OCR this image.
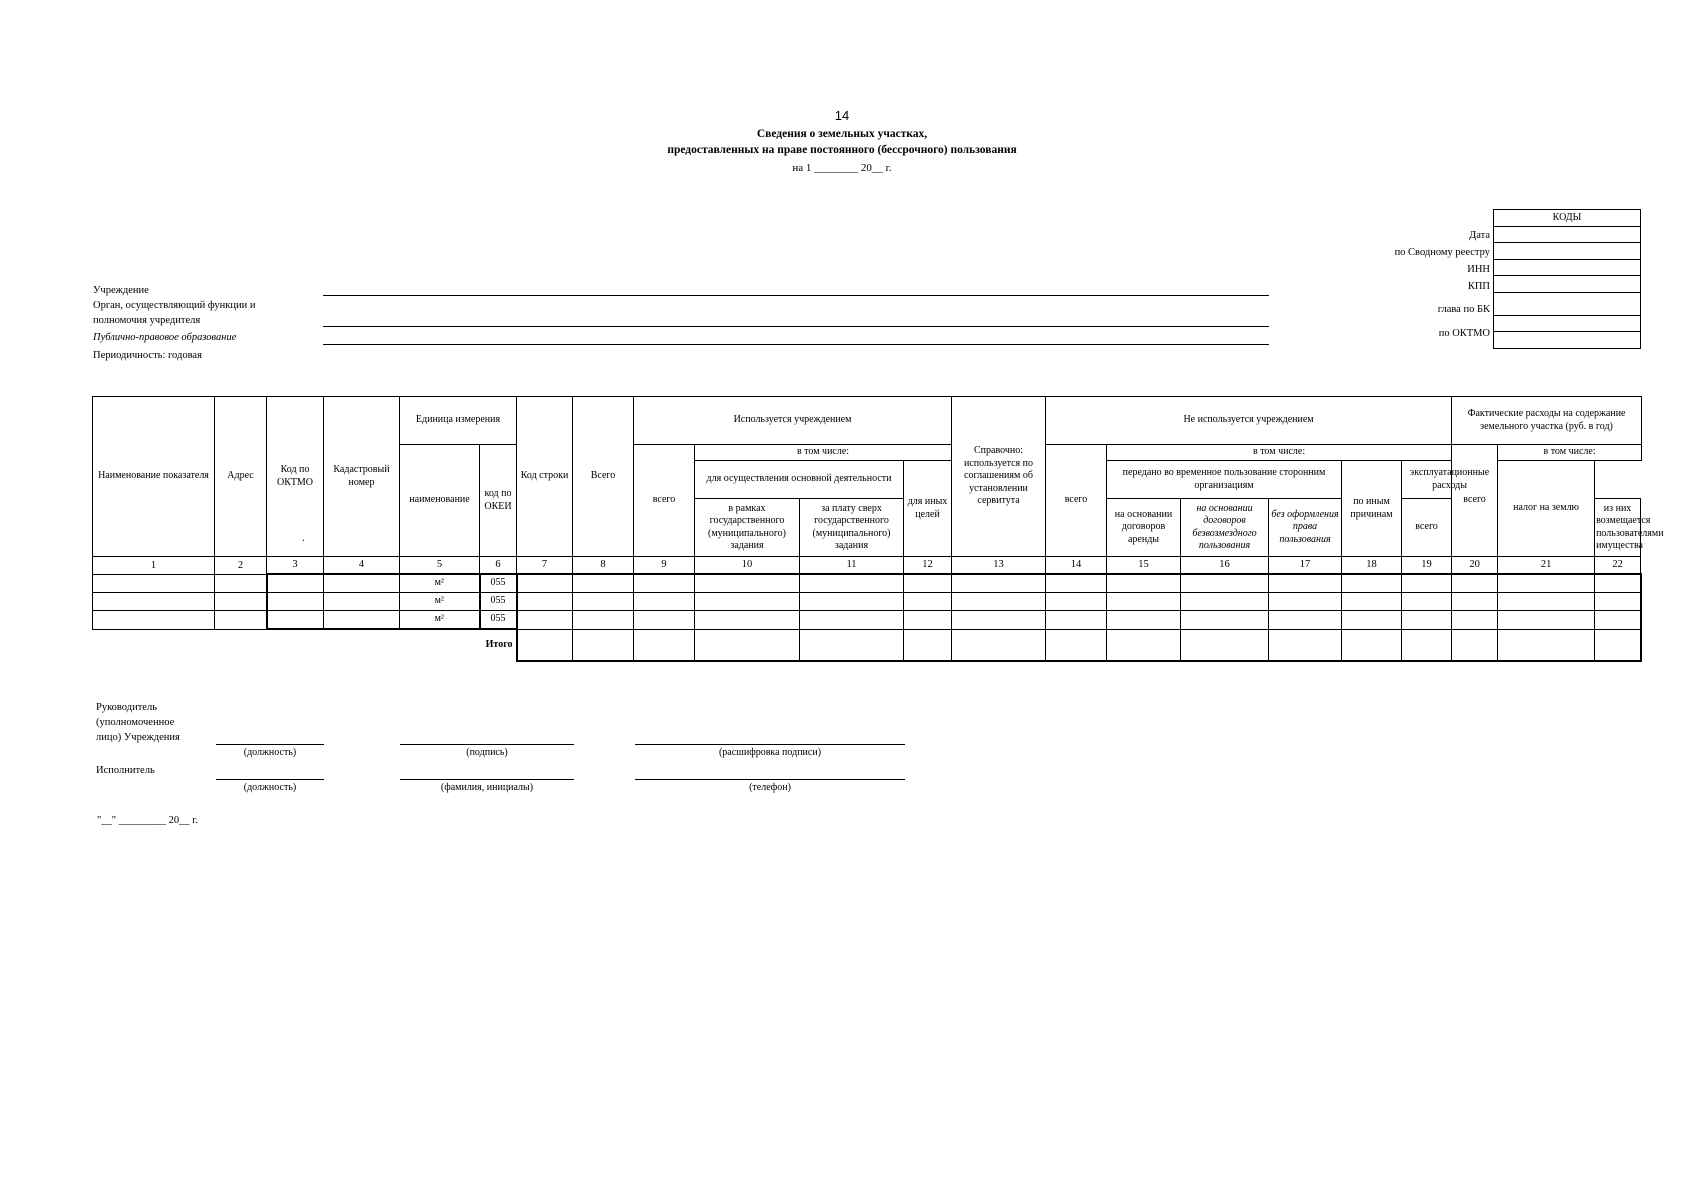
14
Сведения о земельных участках,
предоставленных на праве постоянного (бессрочного) пользования
на 1 ________ 20__ г.
КОДЫ

Дата
по Сводному реестру
ИНН
КПП
глава по БК
по ОКТМО
Учреждение
Орган, осуществляющий функции и
полномочия учредителя
Публично-правовое образование
Периодичность: годовая
Наименование показателя	Адрес	Код по ОКТМО	Кадастровый номер	Единица измерения		Код строки	Всего	Используется учреждением				Справочно: используется по соглашениям об установлении сервитута	Не используется учреждением						Фактические расходы на содержание земельного участка (руб. в год)		
				наименование	код по ОКЕИ			всего	в том числе:				всего	в том числе:					всего	в том числе:	
									для осуществления основной деятельности		для иных целей			передано во временное пользование сторонним организациям			по иным причинам	эксплуатационные расходы		налог на землю	
									в рамках государственного (муниципального) задания	за плату сверх государственного (муниципального) задания				на основании договоров аренды	на основании договоров безвозмездного пользования	без оформления права пользования		всего			из них возмещается пользователями имущества
1	2	3	4	5	6	7	8	9	10	11	12	13	14	15	16	17	18	19	20	21	22
				м²	055																
				м²	055																
				м²	055																
					Итого																
.
Руководитель
(уполномоченное
лицо) Учреждения
(должность)	(подпись)	(расшифровка подписи)
Исполнитель
(должность)	(фамилия, инициалы)	(телефон)
"__" _________ 20__ г.
